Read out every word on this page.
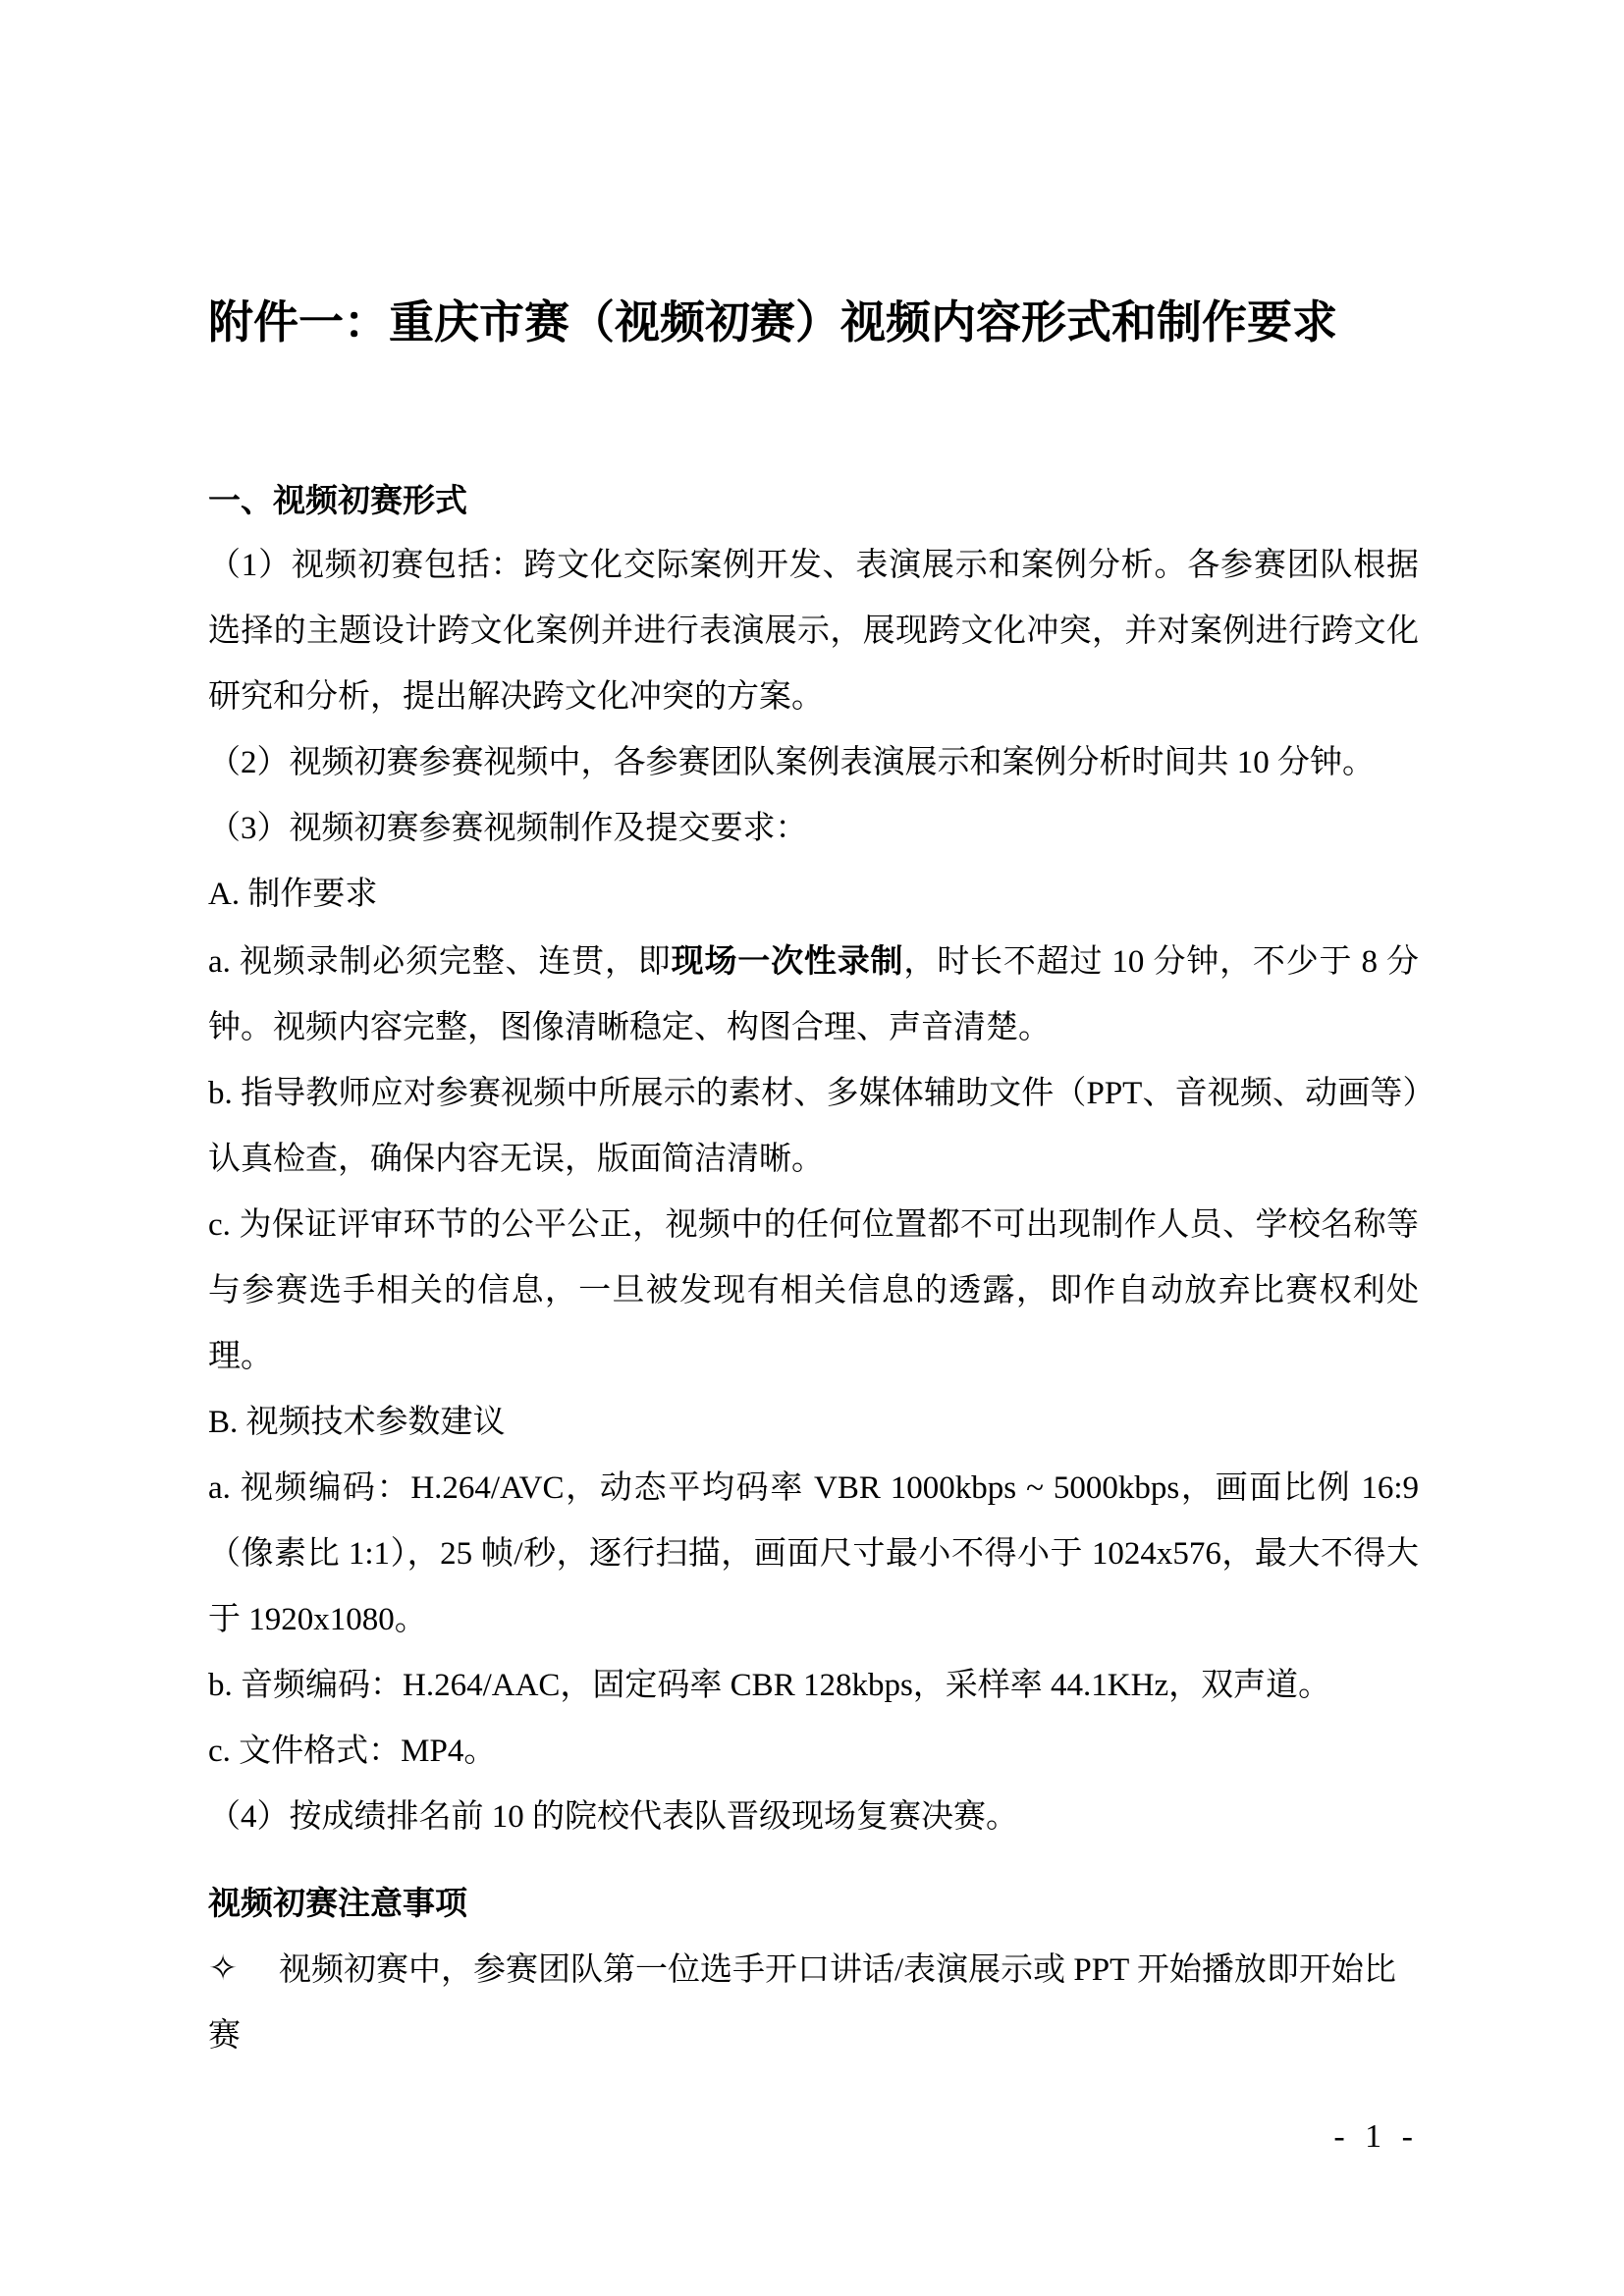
附件一：重庆市赛（视频初赛）视频内容形式和制作要求

一、视频初赛形式

（1）视频初赛包括：跨文化交际案例开发、表演展示和案例分析。各参赛团队根据选择的主题设计跨文化案例并进行表演展示，展现跨文化冲突，并对案例进行跨文化研究和分析，提出解决跨文化冲突的方案。

（2）视频初赛参赛视频中，各参赛团队案例表演展示和案例分析时间共 10 分钟。

（3）视频初赛参赛视频制作及提交要求：

A. 制作要求

a. 视频录制必须完整、连贯，即现场一次性录制，时长不超过 10 分钟，不少于 8 分钟。视频内容完整，图像清晰稳定、构图合理、声音清楚。

b. 指导教师应对参赛视频中所展示的素材、多媒体辅助文件（PPT、音视频、动画等）认真检查，确保内容无误，版面简洁清晰。

c. 为保证评审环节的公平公正，视频中的任何位置都不可出现制作人员、学校名称等与参赛选手相关的信息，一旦被发现有相关信息的透露，即作自动放弃比赛权利处理。

B. 视频技术参数建议

a. 视频编码：H.264/AVC，动态平均码率 VBR 1000kbps ~ 5000kbps，画面比例 16:9（像素比 1:1），25 帧/秒，逐行扫描，画面尺寸最小不得小于 1024x576，最大不得大于 1920x1080。

b. 音频编码：H.264/AAC，固定码率 CBR 128kbps，采样率 44.1KHz，双声道。

c. 文件格式：MP4。

（4）按成绩排名前 10 的院校代表队晋级现场复赛决赛。

视频初赛注意事项

✧ 视频初赛中，参赛团队第一位选手开口讲话/表演展示或 PPT 开始播放即开始比赛

- 1 -
